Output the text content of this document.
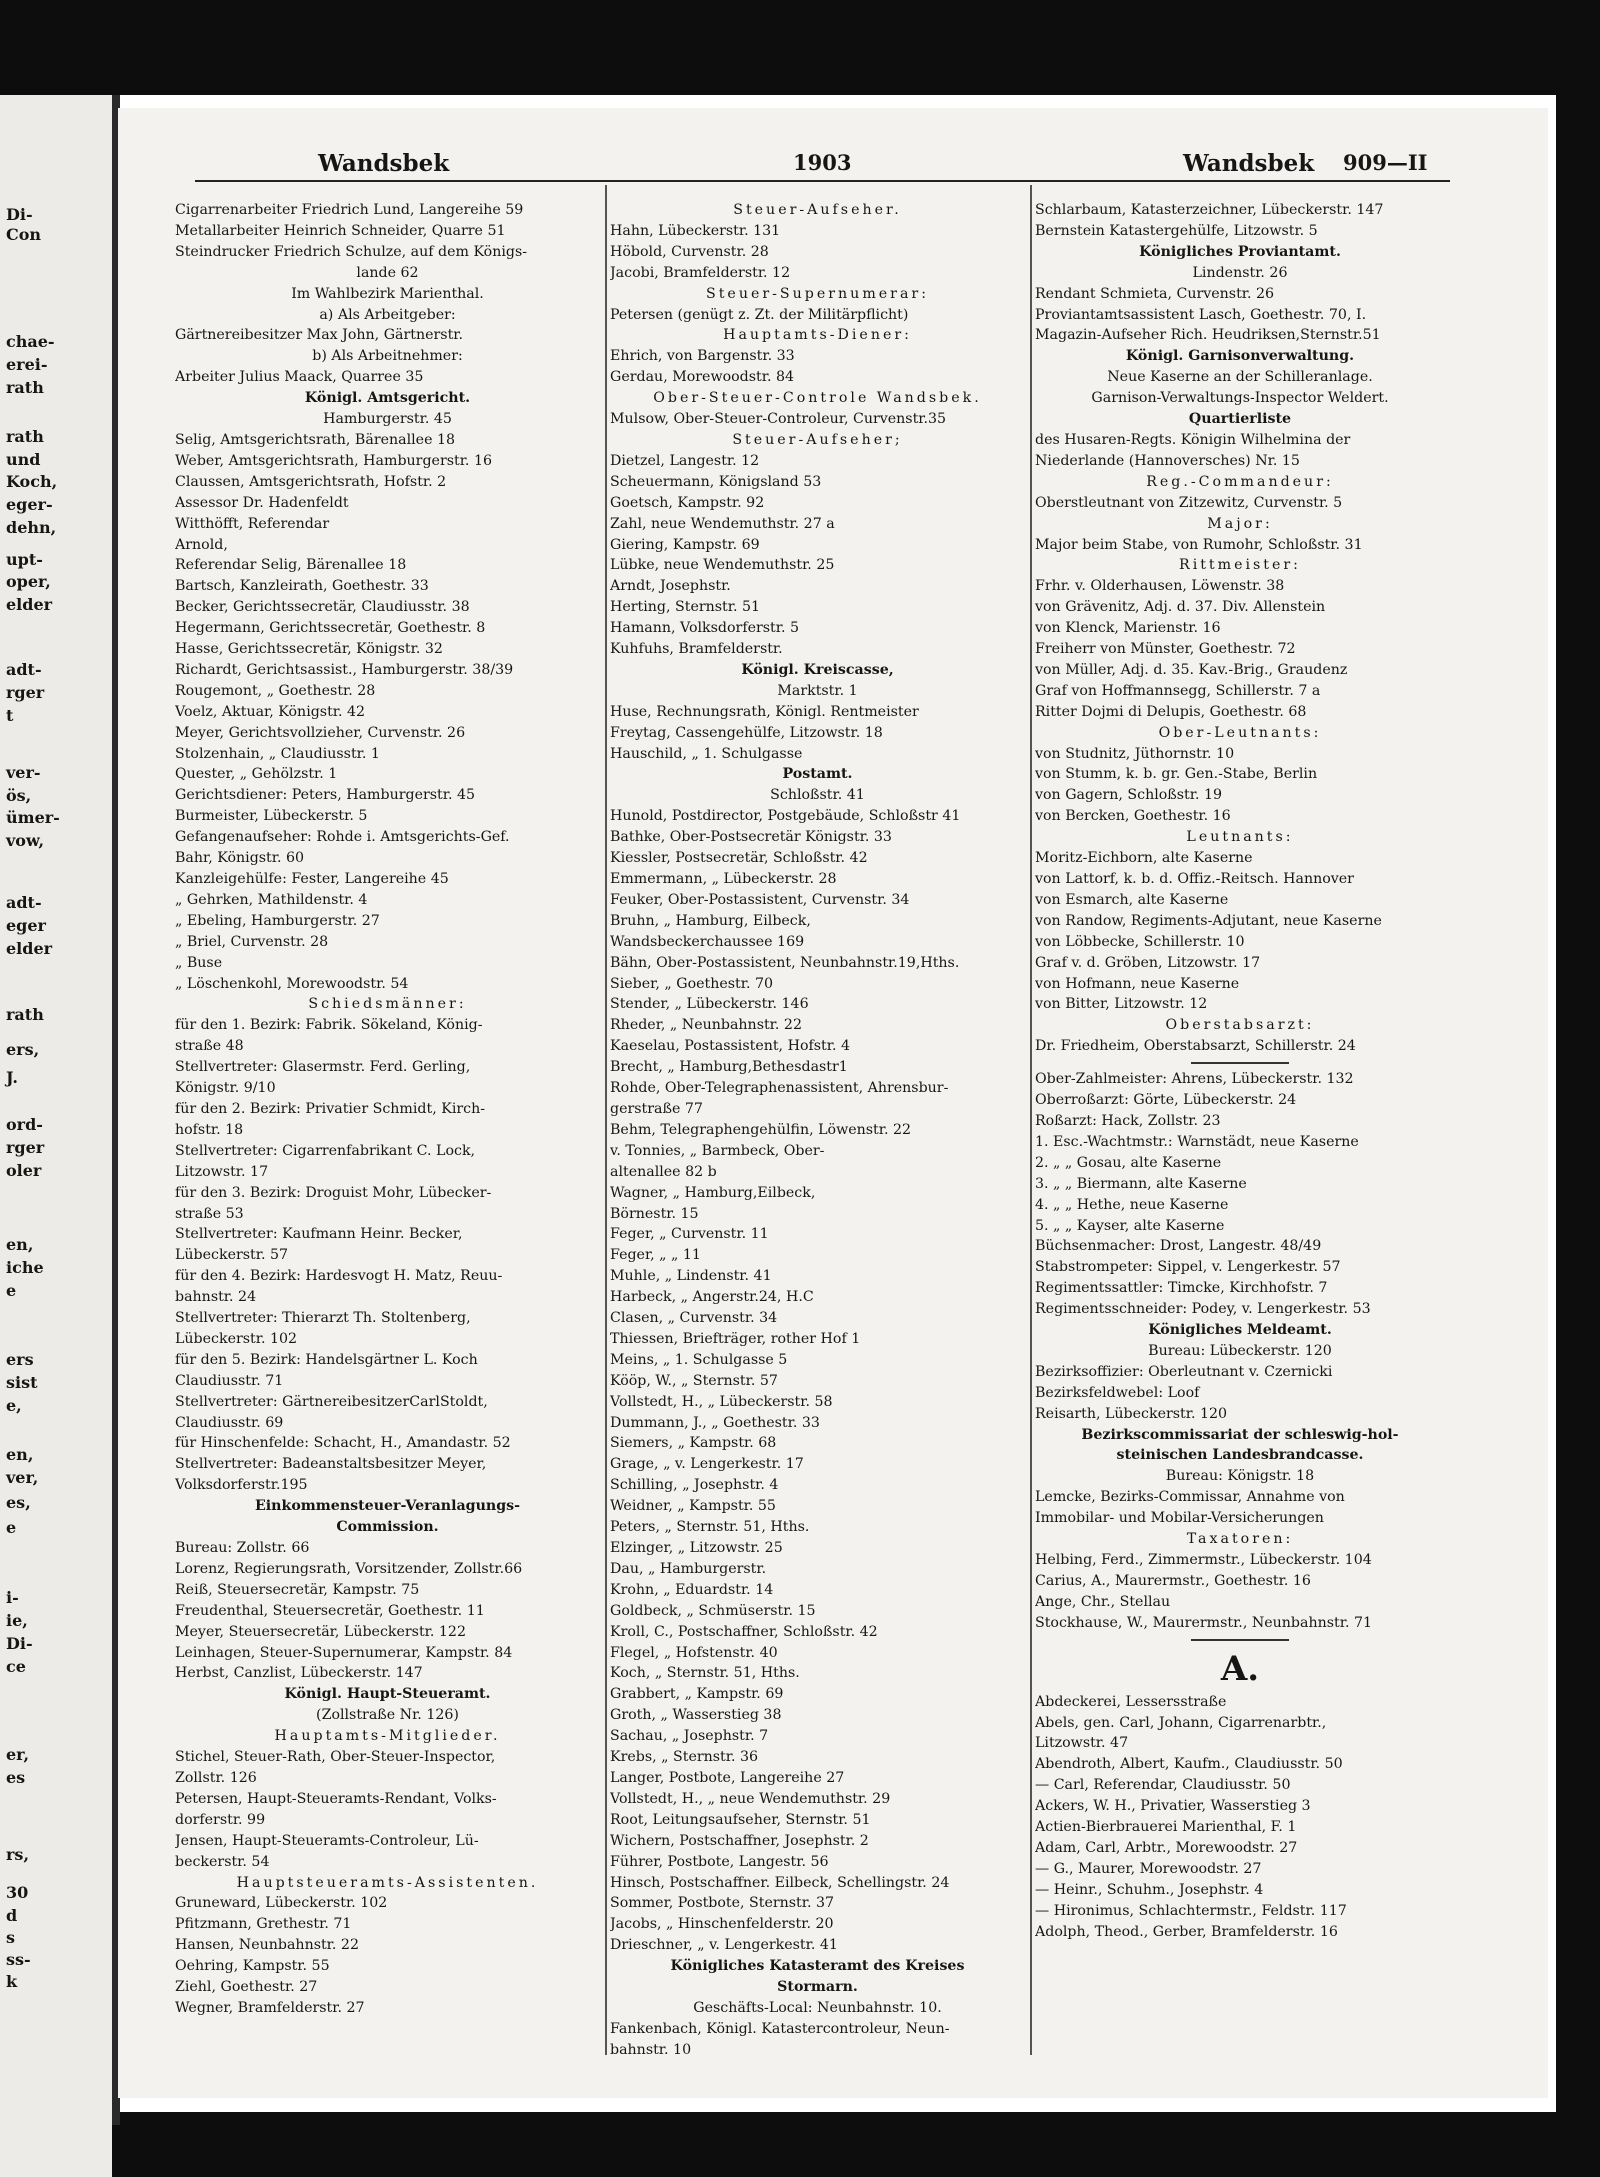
Di-
Con
chae-
erei-
rath
rath
und
Koch,
eger-
dehn,
upt-
oper,
elder
adt-
rger
t
ver-
ös,
ümer-
vow,
adt-
eger
elder
rath
ers,
J.
ord-
rger
oler
en,
iche
e
ers
sist
e,
en,
ver,
es,
e
i-
ie,
Di-
ce
er,
es
rs,
30
d
s
ss-
k
Wandsbek	1903	Wandsbek 909—II
Cigarrenarbeiter Friedrich Lund, Langereihe 59
Metallarbeiter Heinrich Schneider, Quarre 51
Steindrucker Friedrich Schulze, auf dem Königs-
lande 62
Im Wahlbezirk Marienthal.
a) Als Arbeitgeber:
Gärtnereibesitzer Max John, Gärtnerstr.
b) Als Arbeitnehmer:
Arbeiter Julius Maack, Quarree 35
Königl. Amtsgericht.
Hamburgerstr. 45
Selig, Amtsgerichtsrath, Bärenallee 18
Weber, Amtsgerichtsrath, Hamburgerstr. 16
Claussen, Amtsgerichtsrath, Hofstr. 2
Assessor Dr. Hadenfeldt
Witthöfft, Referendar
Arnold,
Referendar Selig, Bärenallee 18
Bartsch, Kanzleirath, Goethestr. 33
Becker, Gerichtssecretär, Claudiusstr. 38
Hegermann, Gerichtssecretär, Goethestr. 8
Hasse, Gerichtssecretär, Königstr. 32
Richardt, Gerichtsassist., Hamburgerstr. 38/39
Rougemont, „ Goethestr. 28
Voelz, Aktuar, Königstr. 42
Meyer, Gerichtsvollzieher, Curvenstr. 26
Stolzenhain, „ Claudiusstr. 1
Quester, „ Gehölzstr. 1
Gerichtsdiener: Peters, Hamburgerstr. 45
Burmeister, Lübeckerstr. 5
Gefangenaufseher: Rohde i. Amtsgerichts-Gef.
Bahr, Königstr. 60
Kanzleigehülfe: Fester, Langereihe 45
„ Gehrken, Mathildenstr. 4
„ Ebeling, Hamburgerstr. 27
„ Briel, Curvenstr. 28
„ Buse
„ Löschenkohl, Morewoodstr. 54
Schiedsmänner:
für den 1. Bezirk: Fabrik. Sökeland, König-
straße 48
Stellvertreter: Glasermstr. Ferd. Gerling,
Königstr. 9/10
für den 2. Bezirk: Privatier Schmidt, Kirch-
hofstr. 18
Stellvertreter: Cigarrenfabrikant C. Lock,
Litzowstr. 17
für den 3. Bezirk: Droguist Mohr, Lübecker-
straße 53
Stellvertreter: Kaufmann Heinr. Becker,
Lübeckerstr. 57
für den 4. Bezirk: Hardesvogt H. Matz, Reuu-
bahnstr. 24
Stellvertreter: Thierarzt Th. Stoltenberg,
Lübeckerstr. 102
für den 5. Bezirk: Handelsgärtner L. Koch
Claudiusstr. 71
Stellvertreter: GärtnereibesitzerCarlStoldt,
Claudiusstr. 69
für Hinschenfelde: Schacht, H., Amandastr. 52
Stellvertreter: Badeanstaltsbesitzer Meyer,
Volksdorferstr.195
Einkommensteuer-Veranlagungs-
Commission.
Bureau: Zollstr. 66
Lorenz, Regierungsrath, Vorsitzender, Zollstr.66
Reiß, Steuersecretär, Kampstr. 75
Freudenthal, Steuersecretär, Goethestr. 11
Meyer, Steuersecretär, Lübeckerstr. 122
Leinhagen, Steuer-Supernumerar, Kampstr. 84
Herbst, Canzlist, Lübeckerstr. 147
Königl. Haupt-Steueramt.
(Zollstraße Nr. 126)
Hauptamts-Mitglieder.
Stichel, Steuer-Rath, Ober-Steuer-Inspector,
Zollstr. 126
Petersen, Haupt-Steueramts-Rendant, Volks-
dorferstr. 99
Jensen, Haupt-Steueramts-Controleur, Lü-
beckerstr. 54
Hauptsteueramts-Assistenten.
Gruneward, Lübeckerstr. 102
Pfitzmann, Grethestr. 71
Hansen, Neunbahnstr. 22
Oehring, Kampstr. 55
Ziehl, Goethestr. 27
Wegner, Bramfelderstr. 27
Steuer-Aufseher.
Hahn, Lübeckerstr. 131
Höbold, Curvenstr. 28
Jacobi, Bramfelderstr. 12
Steuer-Supernumerar:
Petersen (genügt z. Zt. der Militärpflicht)
Hauptamts-Diener:
Ehrich, von Bargenstr. 33
Gerdau, Morewoodstr. 84
Ober-Steuer-Controle Wandsbek.
Mulsow, Ober-Steuer-Controleur, Curvenstr.35
Steuer-Aufseher;
Dietzel, Langestr. 12
Scheuermann, Königsland 53
Goetsch, Kampstr. 92
Zahl, neue Wendemuthstr. 27 a
Giering, Kampstr. 69
Lübke, neue Wendemuthstr. 25
Arndt, Josephstr.
Herting, Sternstr. 51
Hamann, Volksdorferstr. 5
Kuhfuhs, Bramfelderstr.
Königl. Kreiscasse,
Marktstr. 1
Huse, Rechnungsrath, Königl. Rentmeister
Freytag, Cassengehülfe, Litzowstr. 18
Hauschild, „ 1. Schulgasse
Postamt.
Schloßstr. 41
Hunold, Postdirector, Postgebäude, Schloßstr 41
Bathke, Ober-Postsecretär Königstr. 33
Kiessler, Postsecretär, Schloßstr. 42
Emmermann, „ Lübeckerstr. 28
Feuker, Ober-Postassistent, Curvenstr. 34
Bruhn, „ Hamburg, Eilbeck,
Wandsbeckerchaussee 169
Bähn, Ober-Postassistent, Neunbahnstr.19,Hths.
Sieber, „ Goethestr. 70
Stender, „ Lübeckerstr. 146
Rheder, „ Neunbahnstr. 22
Kaeselau, Postassistent, Hofstr. 4
Brecht, „ Hamburg,Bethesdastr1
Rohde, Ober-Telegraphenassistent, Ahrensbur-
gerstraße 77
Behm, Telegraphengehülfin, Löwenstr. 22
v. Tonnies, „ Barmbeck, Ober-
altenallee 82 b
Wagner, „ Hamburg,Eilbeck,
Börnestr. 15
Feger, „ Curvenstr. 11
Feger, „ „ 11
Muhle, „ Lindenstr. 41
Harbeck, „ Angerstr.24, H.C
Clasen, „ Curvenstr. 34
Thiessen, Briefträger, rother Hof 1
Meins, „ 1. Schulgasse 5
Kööp, W., „ Sternstr. 57
Vollstedt, H., „ Lübeckerstr. 58
Dummann, J., „ Goethestr. 33
Siemers, „ Kampstr. 68
Grage, „ v. Lengerkestr. 17
Schilling, „ Josephstr. 4
Weidner, „ Kampstr. 55
Peters, „ Sternstr. 51, Hths.
Elzinger, „ Litzowstr. 25
Dau, „ Hamburgerstr.
Krohn, „ Eduardstr. 14
Goldbeck, „ Schmüserstr. 15
Kroll, C., Postschaffner, Schloßstr. 42
Flegel, „ Hofstenstr. 40
Koch, „ Sternstr. 51, Hths.
Grabbert, „ Kampstr. 69
Groth, „ Wasserstieg 38
Sachau, „ Josephstr. 7
Krebs, „ Sternstr. 36
Langer, Postbote, Langereihe 27
Vollstedt, H., „ neue Wendemuthstr. 29
Root, Leitungsaufseher, Sternstr. 51
Wichern, Postschaffner, Josephstr. 2
Führer, Postbote, Langestr. 56
Hinsch, Postschaffner. Eilbeck, Schellingstr. 24
Sommer, Postbote, Sternstr. 37
Jacobs, „ Hinschenfelderstr. 20
Drieschner, „ v. Lengerkestr. 41
Königliches Katasteramt des Kreises
Stormarn.
Geschäfts-Local: Neunbahnstr. 10.
Fankenbach, Königl. Katastercontroleur, Neun-
bahnstr. 10
Schlarbaum, Katasterzeichner, Lübeckerstr. 147
Bernstein Katastergehülfe, Litzowstr. 5
Königliches Proviantamt.
Lindenstr. 26
Rendant Schmieta, Curvenstr. 26
Proviantamtsassistent Lasch, Goethestr. 70, I.
Magazin-Aufseher Rich. Heudriksen,Sternstr.51
Königl. Garnisonverwaltung.
Neue Kaserne an der Schilleranlage.
Garnison-Verwaltungs-Inspector Weldert.
Quartierliste
des Husaren-Regts. Königin Wilhelmina der
Niederlande (Hannoversches) Nr. 15
Reg.-Commandeur:
Oberstleutnant von Zitzewitz, Curvenstr. 5
Major:
Major beim Stabe, von Rumohr, Schloßstr. 31
Rittmeister:
Frhr. v. Olderhausen, Löwenstr. 38
von Grävenitz, Adj. d. 37. Div. Allenstein
von Klenck, Marienstr. 16
Freiherr von Münster, Goethestr. 72
von Müller, Adj. d. 35. Kav.-Brig., Graudenz
Graf von Hoffmannsegg, Schillerstr. 7 a
Ritter Dojmi di Delupis, Goethestr. 68
Ober-Leutnants:
von Studnitz, Jüthornstr. 10
von Stumm, k. b. gr. Gen.-Stabe, Berlin
von Gagern, Schloßstr. 19
von Bercken, Goethestr. 16
Leutnants:
Moritz-Eichborn, alte Kaserne
von Lattorf, k. b. d. Offiz.-Reitsch. Hannover
von Esmarch, alte Kaserne
von Randow, Regiments-Adjutant, neue Kaserne
von Löbbecke, Schillerstr. 10
Graf v. d. Gröben, Litzowstr. 17
von Hofmann, neue Kaserne
von Bitter, Litzowstr. 12
Oberstabsarzt:
Dr. Friedheim, Oberstabsarzt, Schillerstr. 24
Ober-Zahlmeister: Ahrens, Lübeckerstr. 132
Oberroßarzt: Görte, Lübeckerstr. 24
Roßarzt: Hack, Zollstr. 23
1. Esc.-Wachtmstr.: Warnstädt, neue Kaserne
2. „ „ Gosau, alte Kaserne
3. „ „ Biermann, alte Kaserne
4. „ „ Hethe, neue Kaserne
5. „ „ Kayser, alte Kaserne
Büchsenmacher: Drost, Langestr. 48/49
Stabstrompeter: Sippel, v. Lengerkestr. 57
Regimentssattler: Timcke, Kirchhofstr. 7
Regimentsschneider: Podey, v. Lengerkestr. 53
Königliches Meldeamt.
Bureau: Lübeckerstr. 120
Bezirksoffizier: Oberleutnant v. Czernicki
Bezirksfeldwebel: Loof
Reisarth, Lübeckerstr. 120
Bezirkscommissariat der schleswig-hol-
steinischen Landesbrandcasse.
Bureau: Königstr. 18
Lemcke, Bezirks-Commissar, Annahme von
Immobilar- und Mobilar-Versicherungen
Taxatoren:
Helbing, Ferd., Zimmermstr., Lübeckerstr. 104
Carius, A., Maurermstr., Goethestr. 16
Ange, Chr., Stellau
Stockhause, W., Maurermstr., Neunbahnstr. 71
A.
Abdeckerei, Lessersstraße
Abels, gen. Carl, Johann, Cigarrenarbtr.,
Litzowstr. 47
Abendroth, Albert, Kaufm., Claudiusstr. 50
— Carl, Referendar, Claudiusstr. 50
Ackers, W. H., Privatier, Wasserstieg 3
Actien-Bierbrauerei Marienthal, F. 1
Adam, Carl, Arbtr., Morewoodstr. 27
— G., Maurer, Morewoodstr. 27
— Heinr., Schuhm., Josephstr. 4
— Hironimus, Schlachtermstr., Feldstr. 117
Adolph, Theod., Gerber, Bramfelderstr. 16
